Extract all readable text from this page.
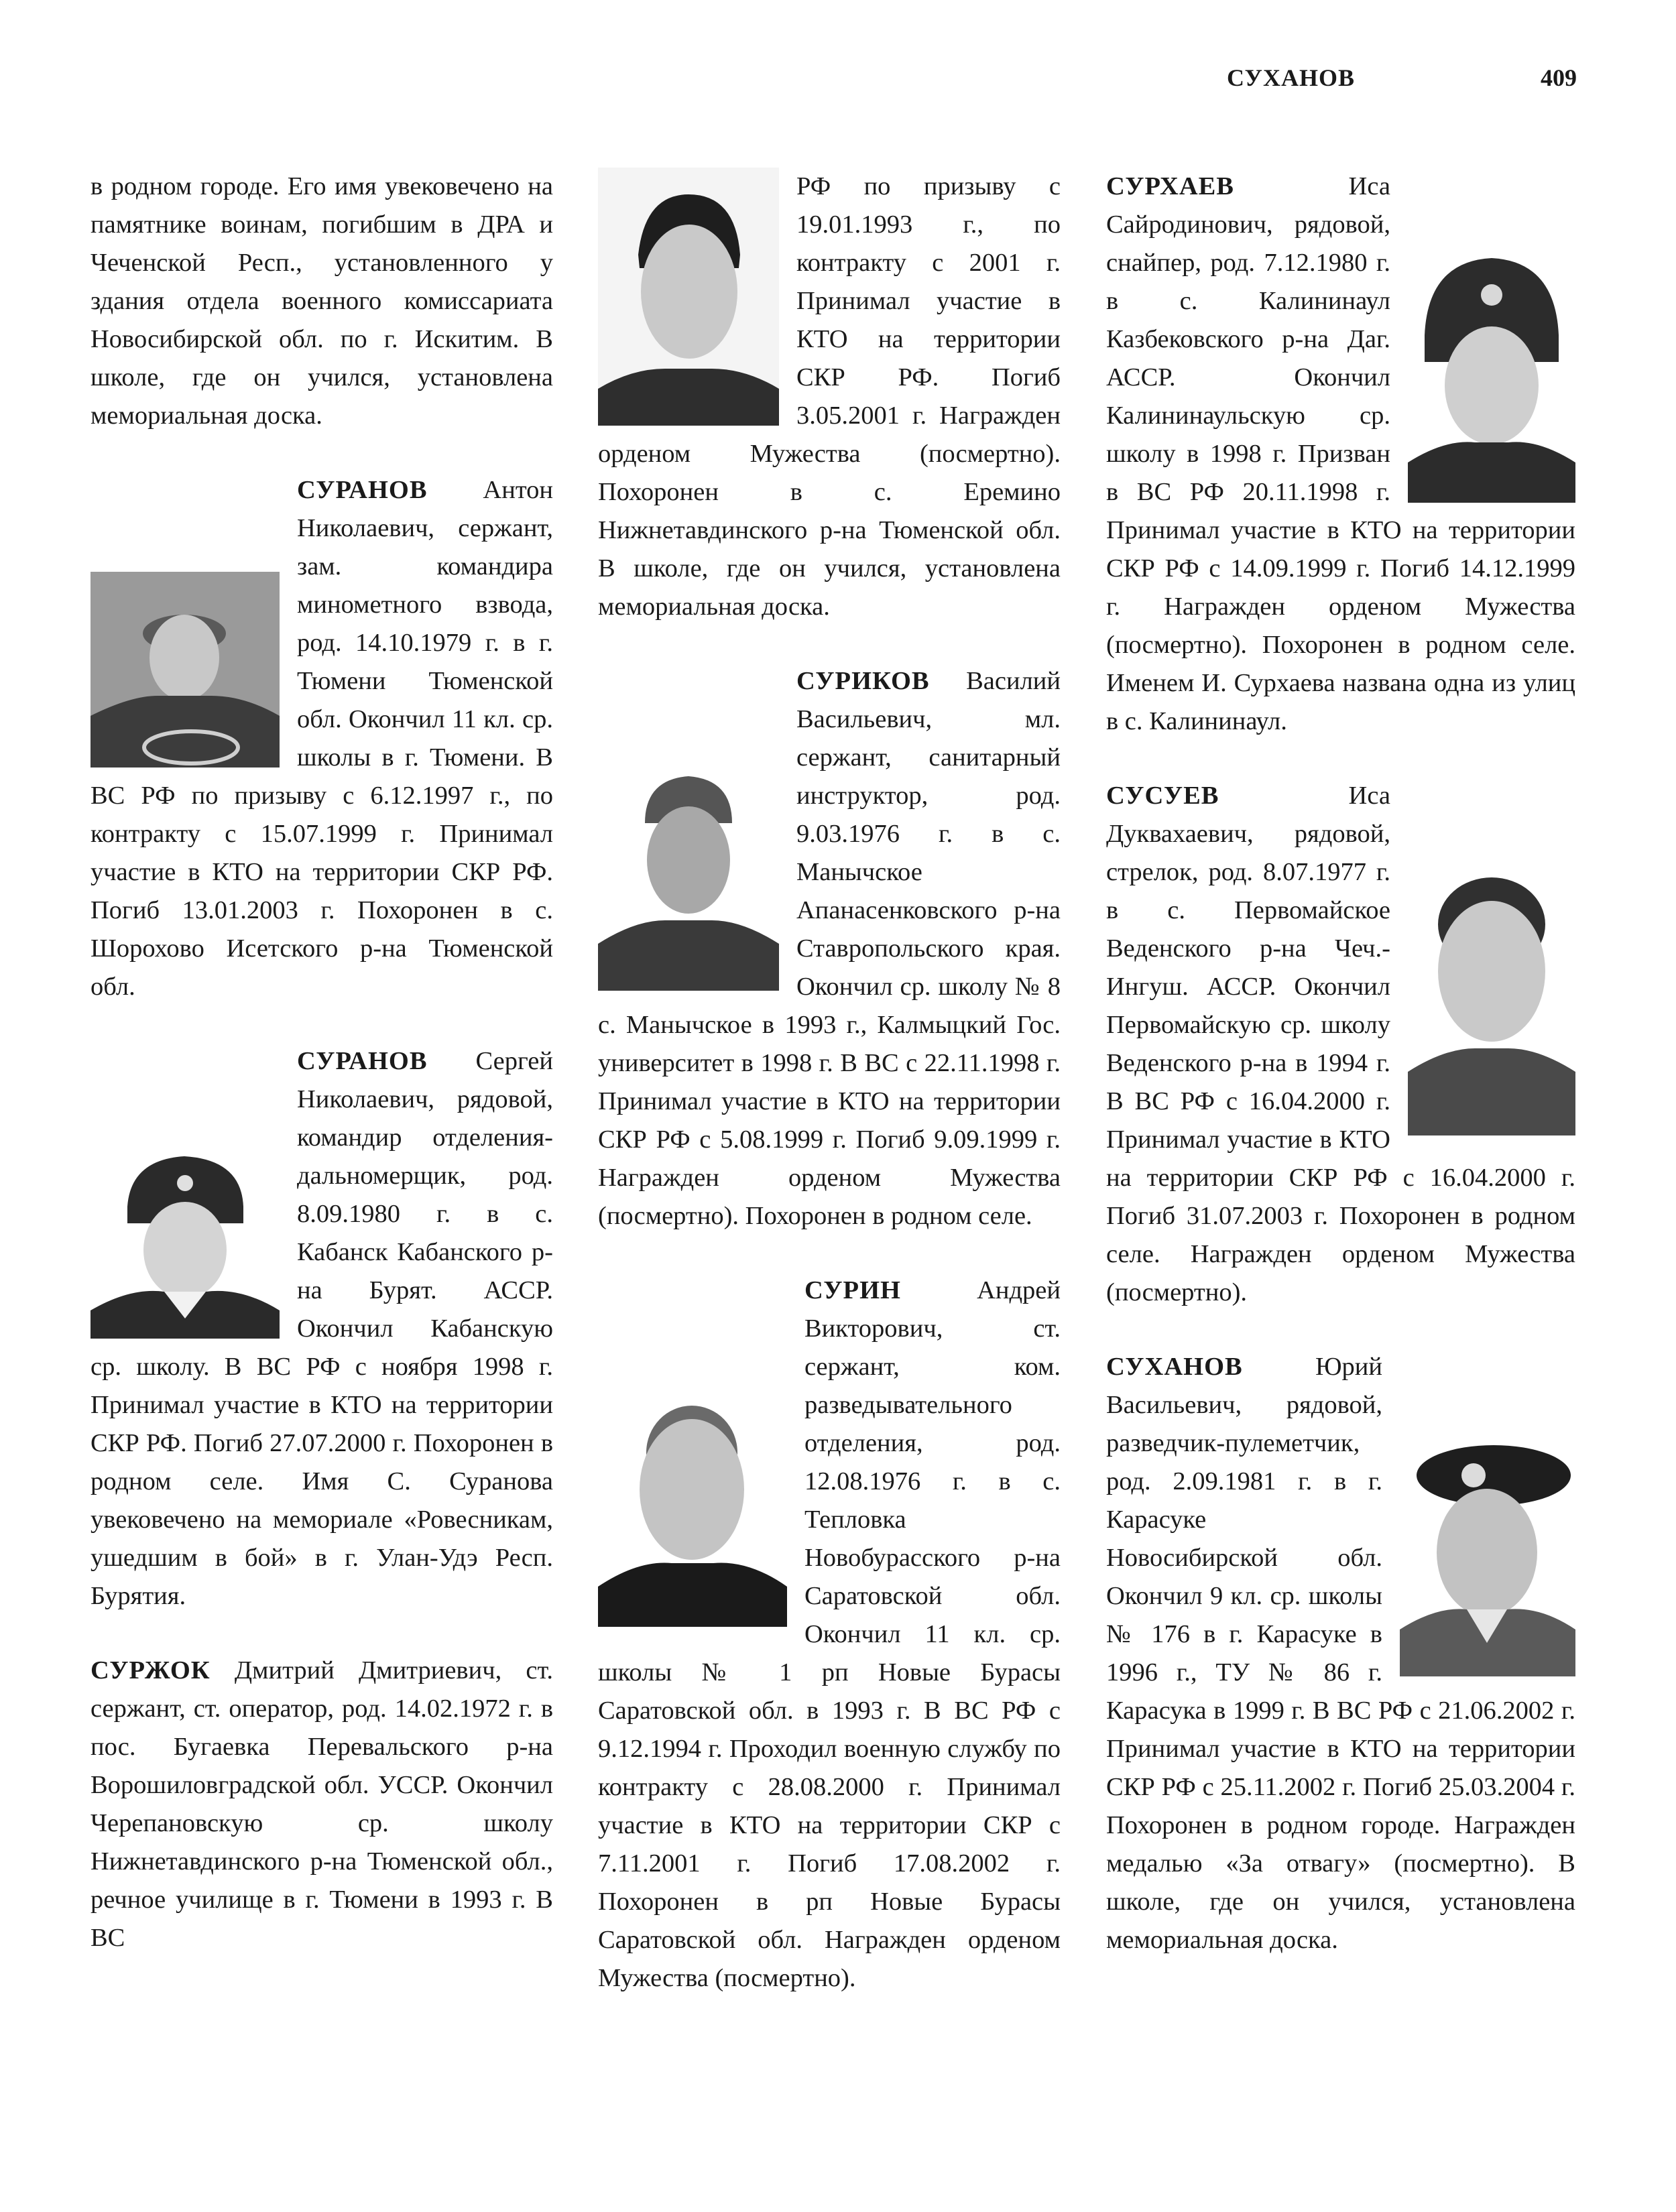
СУХАНОВ	409

в родном городе. Его имя увековечено на памятнике воинам, погибшим в ДРА и Чеченской Респ., установленного у здания отдела военного комиссариата Новосибирской обл. по г. Искитим. В школе, где он учился, установлена мемориальная доска.

СУРАНОВ
Антон Николаевич, сержант, зам. командира минометного взвода, род. 14.10.1979 г. в г. Тюмени Тюменской обл. Окончил 11 кл. ср. школы в г. Тюмени. В ВС РФ по призыву с 6.12.1997 г., по контракту с 15.07.1999 г. Принимал участие в КТО на территории СКР РФ. Погиб 13.01.2003 г. Похоронен в с. Шорохово Исетского р-на Тюменской обл.

СУРАНОВ
Сергей Николаевич, рядовой, командир отделения-дальномерщик, род. 8.09.1980 г. в с. Кабанск Кабанского р-на Бурят. АССР. Окончил Кабанскую ср. школу. В ВС РФ с ноября 1998 г. Принимал участие в КТО на территории СКР РФ. Погиб 27.07.2000 г. Похоронен в родном селе. Имя С. Суранова увековечено на мемориале «Ровесникам, ушедшим в бой» в г. Улан-Удэ Респ. Бурятия.

СУРЖОК Дмитрий Дмитриевич, ст. сержант, ст. оператор, род. 14.02.1972 г. в пос. Бугаевка Перевальского р-на Ворошиловградской обл. УССР. Окончил Черепановскую ср. школу Нижнетавдинского р-на Тюменской обл., речное училище в г. Тюмени в 1993 г. В ВС

РФ по призыву с 19.01.1993 г., по контракту с 2001 г. Принимал участие в КТО на территории СКР РФ. Погиб 3.05.2001 г. Награжден орденом Мужества (посмертно). Похоронен в с. Еремино Нижнетавдинского р-на Тюменской обл. В школе, где он учился, установлена мемориальная доска.

СУРИКОВ
Василий Васильевич, мл. сержант, санитарный инструктор, род. 9.03.1976 г. в с. Манычское Апанасенковского р-на Ставропольского края. Окончил ср. школу № 8 с. Манычское в 1993 г., Калмыцкий Гос. университет в 1998 г. В ВС с 22.11.1998 г. Принимал участие в КТО на территории СКР РФ с 5.08.1999 г. Погиб 9.09.1999 г. Награжден орденом Мужества (посмертно). Похоронен в родном селе.

СУРИН
Андрей Викторович, ст. сержант, ком. разведывательного отделения, род. 12.08.1976 г. в с. Тепловка Новобурасского р-на Саратовской обл. Окончил 11 кл. ср. школы № 1 рп Новые Бурасы Саратовской обл. в 1993 г. В ВС РФ с 9.12.1994 г. Проходил военную службу по контракту с 28.08.2000 г. Принимал участие в КТО на территории СКР с 7.11.2001 г. Погиб 17.08.2002 г. Похоронен в рп Новые Бурасы Саратовской обл. Награжден орденом Мужества (посмертно).

СУРХАЕВ
Иса Сайродинович, рядовой, снайпер, род. 7.12.1980 г. в с. Калининаул Казбековского р-на Даг. АССР. Окончил Калининаульскую ср. школу в 1998 г. Призван в ВС РФ 20.11.1998 г. Принимал участие в КТО на территории СКР РФ с 14.09.1999 г. Погиб 14.12.1999 г. Награжден орденом Мужества (посмертно). Похоронен в родном селе. Именем И. Сурхаева названа одна из улиц в с. Калининаул.

СУСУЕВ
Иса Дуквахаевич, рядовой, стрелок, род. 8.07.1977 г. в с. Первомайское Веденского р-на Чеч.-Ингуш. АССР. Окончил Первомайскую ср. школу Веденского р-на в 1994 г. В ВС РФ с 16.04.2000 г. Принимал участие в КТО на территории СКР РФ с 16.04.2000 г. Погиб 31.07.2003 г. Похоронен в родном селе. Награжден орденом Мужества (посмертно).

СУХАНОВ
Юрий Васильевич, рядовой, разведчик-пулеметчик, род. 2.09.1981 г. в г. Карасуке Новосибирской обл. Окончил 9 кл. ср. школы № 176 в г. Карасуке в 1996 г., ТУ № 86 г. Карасука в 1999 г. В ВС РФ с 21.06.2002 г. Принимал участие в КТО на территории СКР РФ с 25.11.2002 г. Погиб 25.03.2004 г. Похоронен в родном городе. Награжден медалью «За отвагу» (посмертно). В школе, где он учился, установлена мемориальная доска.
